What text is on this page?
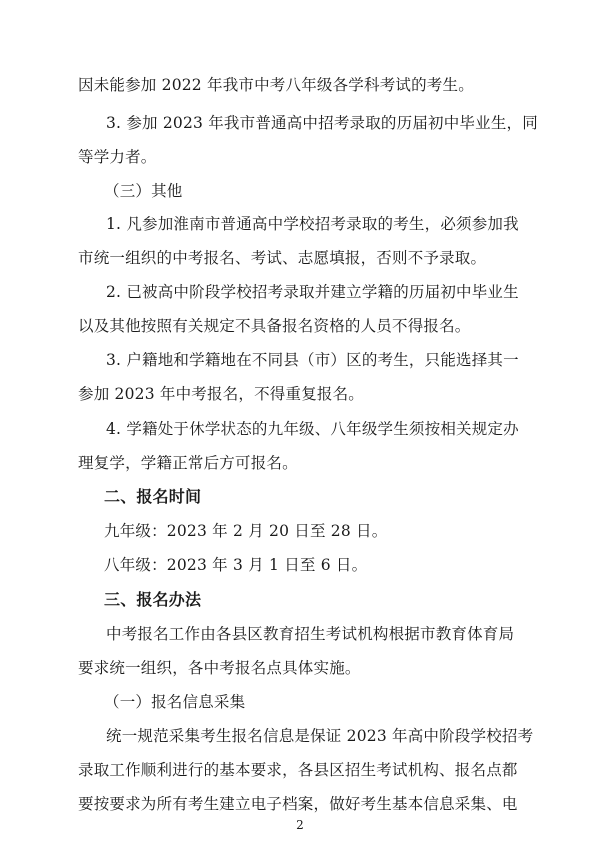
因未能参加 2022 年我市中考八年级各学科考试的考生。
3. 参加 2023 年我市普通高中招考录取的历届初中毕业生，同
等学力者。
（三）其他
1. 凡参加淮南市普通高中学校招考录取的考生，必须参加我
市统一组织的中考报名、考试、志愿填报，否则不予录取。
2. 已被高中阶段学校招考录取并建立学籍的历届初中毕业生
以及其他按照有关规定不具备报名资格的人员不得报名。
3. 户籍地和学籍地在不同县（市）区的考生，只能选择其一
参加 2023 年中考报名，不得重复报名。
4. 学籍处于休学状态的九年级、八年级学生须按相关规定办
理复学，学籍正常后方可报名。
二、报名时间
九年级：2023 年 2 月 20 日至 28 日。
八年级：2023 年 3 月 1 日至 6 日。
三、报名办法
中考报名工作由各县区教育招生考试机构根据市教育体育局
要求统一组织，各中考报名点具体实施。
（一）报名信息采集
统一规范采集考生报名信息是保证 2023 年高中阶段学校招考
录取工作顺利进行的基本要求，各县区招生考试机构、报名点都
要按要求为所有考生建立电子档案，做好考生基本信息采集、电
2
